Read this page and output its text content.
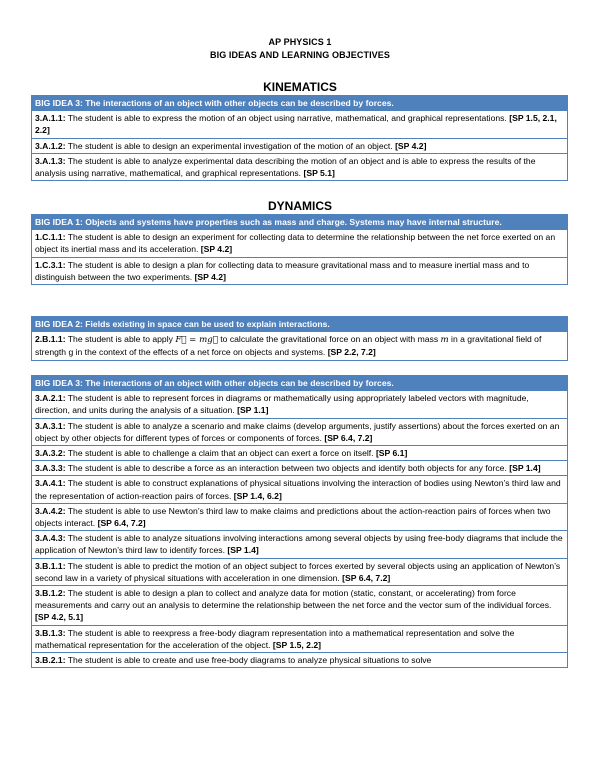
AP PHYSICS 1
BIG IDEAS AND LEARNING OBJECTIVES
KINEMATICS
BIG IDEA 3: The interactions of an object with other objects can be described by forces.
3.A.1.1: The student is able to express the motion of an object using narrative, mathematical, and graphical representations. [SP 1.5, 2.1, 2.2]
3.A.1.2: The student is able to design an experimental investigation of the motion of an object. [SP 4.2]
3.A.1.3: The student is able to analyze experimental data describing the motion of an object and is able to express the results of the analysis using narrative, mathematical, and graphical representations. [SP 5.1]
DYNAMICS
BIG IDEA 1: Objects and systems have properties such as mass and charge. Systems may have internal structure.
1.C.1.1: The student is able to design an experiment for collecting data to determine the relationship between the net force exerted on an object its inertial mass and its acceleration. [SP 4.2]
1.C.3.1: The student is able to design a plan for collecting data to measure gravitational mass and to measure inertial mass and to distinguish between the two experiments. [SP 4.2]
BIG IDEA 2: Fields existing in space can be used to explain interactions.
2.B.1.1: The student is able to apply F⃗ = mg⃗ to calculate the gravitational force on an object with mass m in a gravitational field of strength g in the context of the effects of a net force on objects and systems. [SP 2.2, 7.2]
BIG IDEA 3: The interactions of an object with other objects can be described by forces.
3.A.2.1: The student is able to represent forces in diagrams or mathematically using appropriately labeled vectors with magnitude, direction, and units during the analysis of a situation. [SP 1.1]
3.A.3.1: The student is able to analyze a scenario and make claims (develop arguments, justify assertions) about the forces exerted on an object by other objects for different types of forces or components of forces. [SP 6.4, 7.2]
3.A.3.2: The student is able to challenge a claim that an object can exert a force on itself. [SP 6.1]
3.A.3.3: The student is able to describe a force as an interaction between two objects and identify both objects for any force. [SP 1.4]
3.A.4.1: The student is able to construct explanations of physical situations involving the interaction of bodies using Newton’s third law and the representation of action-reaction pairs of forces. [SP 1.4, 6.2]
3.A.4.2: The student is able to use Newton’s third law to make claims and predictions about the action-reaction pairs of forces when two objects interact. [SP 6.4, 7.2]
3.A.4.3: The student is able to analyze situations involving interactions among several objects by using free-body diagrams that include the application of Newton’s third law to identify forces. [SP 1.4]
3.B.1.1: The student is able to predict the motion of an object subject to forces exerted by several objects using an application of Newton’s second law in a variety of physical situations with acceleration in one dimension. [SP 6.4, 7.2]
3.B.1.2: The student is able to design a plan to collect and analyze data for motion (static, constant, or accelerating) from force measurements and carry out an analysis to determine the relationship between the net force and the vector sum of the individual forces. [SP 4.2, 5.1]
3.B.1.3: The student is able to reexpress a free-body diagram representation into a mathematical representation and solve the mathematical representation for the acceleration of the object. [SP 1.5, 2.2]
3.B.2.1: The student is able to create and use free-body diagrams to analyze physical situations to solve
